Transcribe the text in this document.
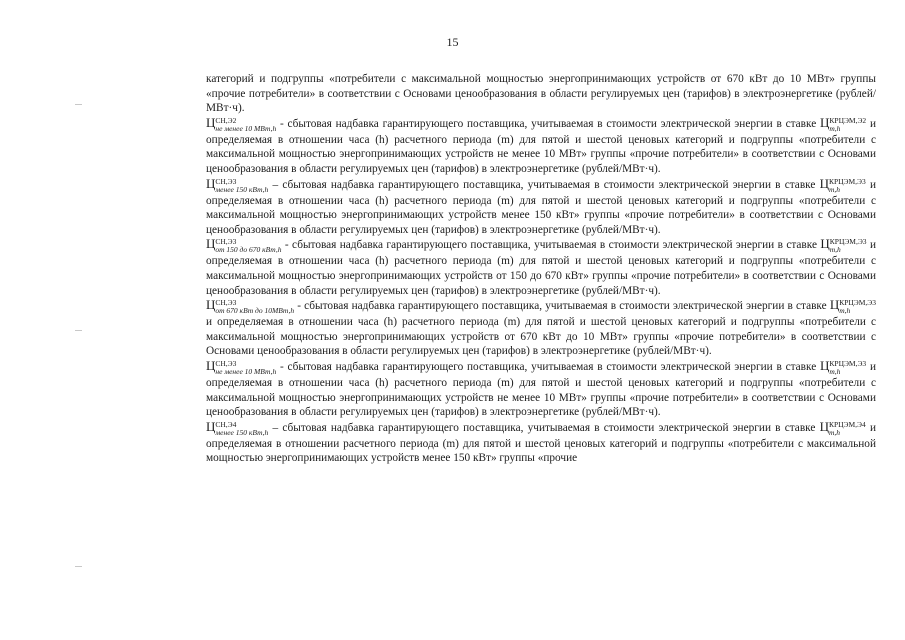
15

категорий и подгруппы «потребители с максимальной мощностью энергопринимающих устройств от 670 кВт до 10 МВт» группы «прочие потребители» в соответствии с Основами ценообразования в области регулируемых цен (тарифов) в электроэнергетике (рублей/МВт·ч).

Ц СН,Э2
не менее 10 МВт,h - сбытовая надбавка гарантирующего поставщика, учитываемая в стоимости электрической энергии в ставке Ц КРЦЭМ,Э2
m,h	и определяемая в отношении часа (h) расчетного периода (m) для пятой и шестой ценовых категорий и подгруппы «потребители с максимальной мощностью энергопринимающих устройств не менее 10 МВт» группы «прочие потребители» в соответствии с Основами ценообразования в области регулируемых цен (тарифов) в электроэнергетике (рублей/МВт·ч).

Ц СН,Э3
менее 150 кВт,h – сбытовая надбавка гарантирующего поставщика, учитываемая в стоимости электрической энергии в ставке Ц КРЦЭМ,Э3
m,h	и определяемая в отношении часа (h) расчетного периода (m) для пятой и шестой ценовых категорий и подгруппы «потребители с максимальной мощностью энергопринимающих устройств менее 150 кВт» группы «прочие потребители» в соответствии с Основами ценообразования в области регулируемых цен (тарифов) в электроэнергетике (рублей/МВт·ч).

Ц СН,Э3
от 150 до 670 кВт,h - сбытовая надбавка гарантирующего поставщика, учитываемая в стоимости электрической энергии в ставке Ц КРЦЭМ,Э3
m,h	и определяемая в отношении часа (h) расчетного периода (m) для пятой и шестой ценовых категорий и подгруппы «потребители с максимальной мощностью энергопринимающих устройств от 150 до 670 кВт» группы «прочие потребители» в соответствии с Основами ценообразования в области регулируемых цен (тарифов) в электроэнергетике (рублей/МВт·ч).

Ц СН,Э3
от 670 кВт до 10МВт,h - сбытовая надбавка гарантирующего поставщика, учитываемая в стоимости электрической энергии в ставке Ц КРЦЭМ,Э3
m,h
и определяемая в отношении часа (h) расчетного периода (m) для пятой и шестой ценовых категорий и подгруппы «потребители с максимальной мощностью энергопринимающих устройств от 670 кВт до 10 МВт» группы «прочие потребители» в соответствии с Основами ценообразования в области регулируемых цен (тарифов) в электроэнергетике (рублей/МВт·ч).

Ц СН,Э3
не менее 10 МВт,h - сбытовая надбавка гарантирующего поставщика, учитываемая в стоимости электрической энергии в ставке Ц КРЦЭМ,Э3
m,h	и определяемая в отношении часа (h) расчетного периода (m) для пятой и шестой ценовых категорий и подгруппы «потребители с максимальной мощностью энергопринимающих устройств не менее 10 МВт» группы «прочие потребители» в соответствии с Основами ценообразования в области регулируемых цен (тарифов) в электроэнергетике (рублей/МВт·ч).

Ц СН,Э4
менее 150 кВт,h – сбытовая надбавка гарантирующего поставщика, учитываемая в стоимости электрической энергии в ставке Ц КРЦЭМ,Э4
m,h	и определяемая в отношении расчетного периода (m) для пятой и шестой ценовых категорий и подгруппы «потребители с максимальной мощностью энергопринимающих устройств менее 150 кВт» группы «прочие
